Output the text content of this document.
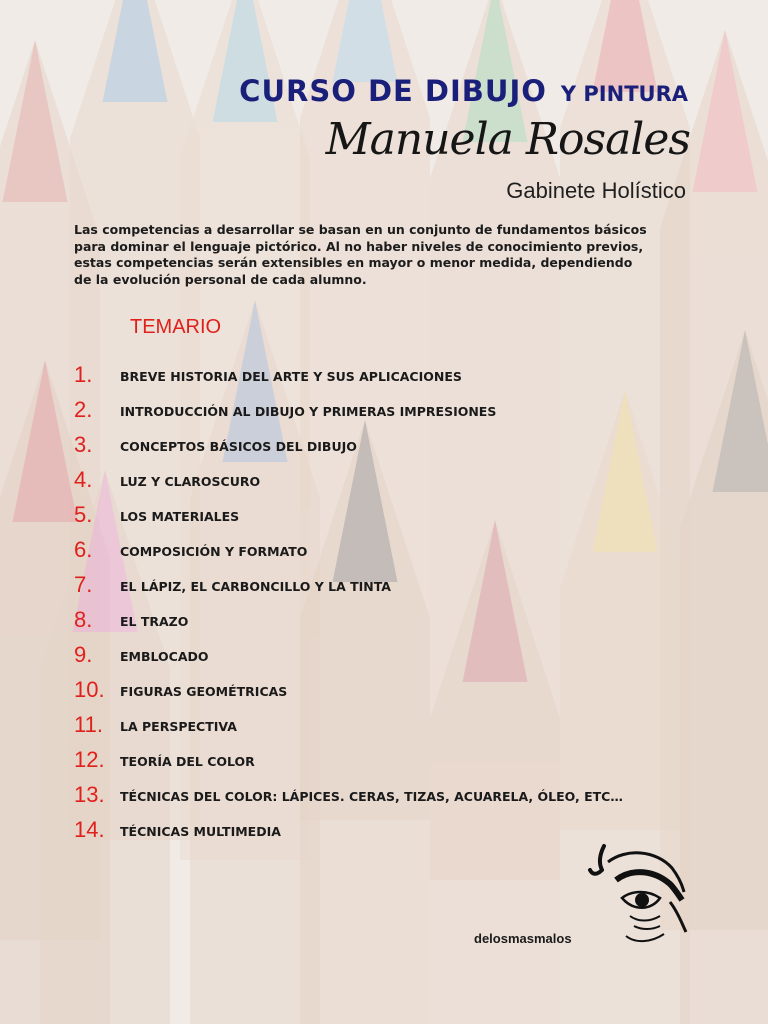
CURSO DE DIBUJO Y PINTURA
Manuela Rosales
Gabinete Holístico
Las competencias a desarrollar se basan en un conjunto de fundamentos básicos
para dominar el lenguaje pictórico. Al no haber niveles de conocimiento previos,
estas competencias serán extensibles en mayor o menor medida, dependiendo
de la evolución personal de cada alumno.
TEMARIO
1. BREVE HISTORIA DEL ARTE Y SUS APLICACIONES
2. INTRODUCCIÓN AL DIBUJO Y PRIMERAS IMPRESIONES
3. CONCEPTOS BÁSICOS DEL DIBUJO
4. LUZ Y CLAROSCURO
5. LOS MATERIALES
6. COMPOSICIÓN Y FORMATO
7. EL LÁPIZ, EL CARBONCILLO Y LA TINTA
8. EL TRAZO
9. EMBLOCADO
10. FIGURAS GEOMÉTRICAS
11. LA PERSPECTIVA
12. TEORÍA DEL COLOR
13. TÉCNICAS DEL COLOR: LÁPICES. CERAS, TIZAS, ACUARELA, ÓLEO, ETC…
14. TÉCNICAS MULTIMEDIA
delosmasmalos
